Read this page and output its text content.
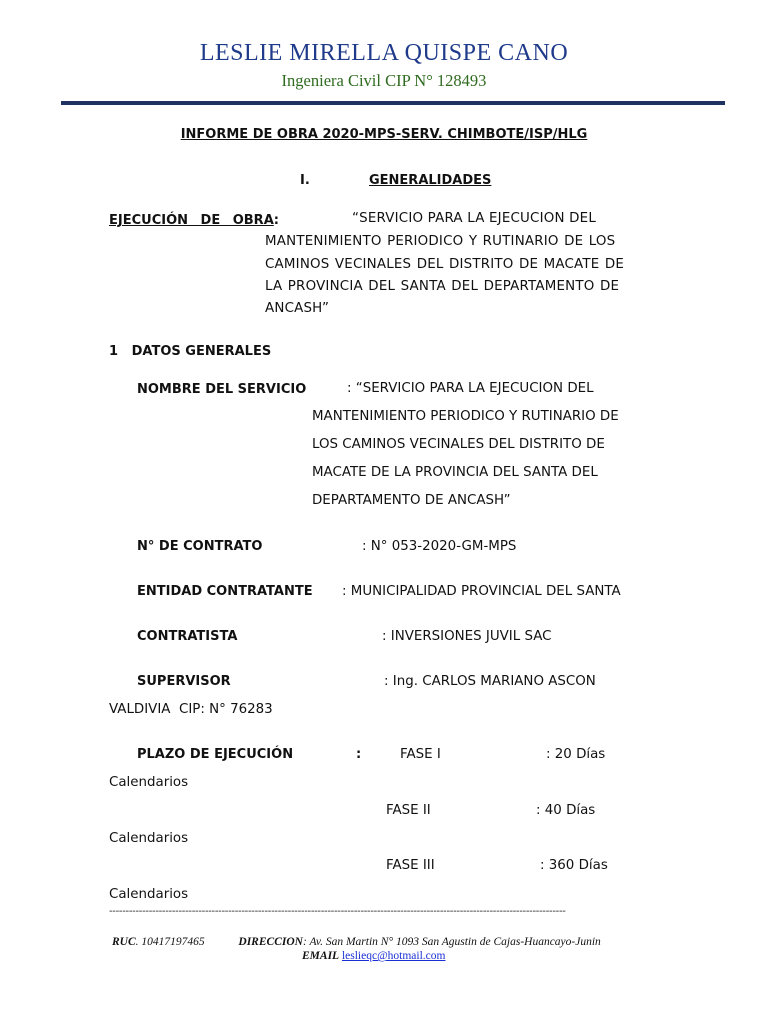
LESLIE MIRELLA QUISPE CANO
Ingeniera Civil CIP N° 128493
INFORME DE OBRA 2020-MPS-SERV. CHIMBOTE/ISP/HLG
I.	GENERALIDADES
EJECUCIÓN DE OBRA:	“SERVICIO PARA LA EJECUCION DEL
MANTENIMIENTO PERIODICO Y RUTINARIO DE LOS
CAMINOS VECINALES DEL DISTRITO DE MACATE DE
LA PROVINCIA DEL SANTA DEL DEPARTAMENTO DE
ANCASH”
1   DATOS GENERALES
NOMBRE DEL SERVICIO	: “SERVICIO PARA LA EJECUCION DEL
MANTENIMIENTO PERIODICO Y RUTINARIO DE
LOS CAMINOS VECINALES DEL DISTRITO DE
MACATE DE LA PROVINCIA DEL SANTA DEL
DEPARTAMENTO DE ANCASH”
N° DE CONTRATO	: N° 053-2020-GM-MPS
ENTIDAD CONTRATANTE : MUNICIPALIDAD PROVINCIAL DEL SANTA
CONTRATISTA	: INVERSIONES JUVIL SAC
SUPERVISOR	: Ing. CARLOS MARIANO ASCON
VALDIVIA  CIP: N° 76283
PLAZO DE EJECUCIÓN	:	FASE I	: 20 Días
Calendarios
FASE II	: 40 Días
Calendarios
FASE III	: 360 Días
Calendarios
------------------------------------------------------------------------------------------------------------------------------------------
RUC. 10417197465	DIRECCION: Av. San Martin N° 1093 San Agustin de Cajas-Huancayo-Junin
EMAIL leslieqc@hotmail.com
